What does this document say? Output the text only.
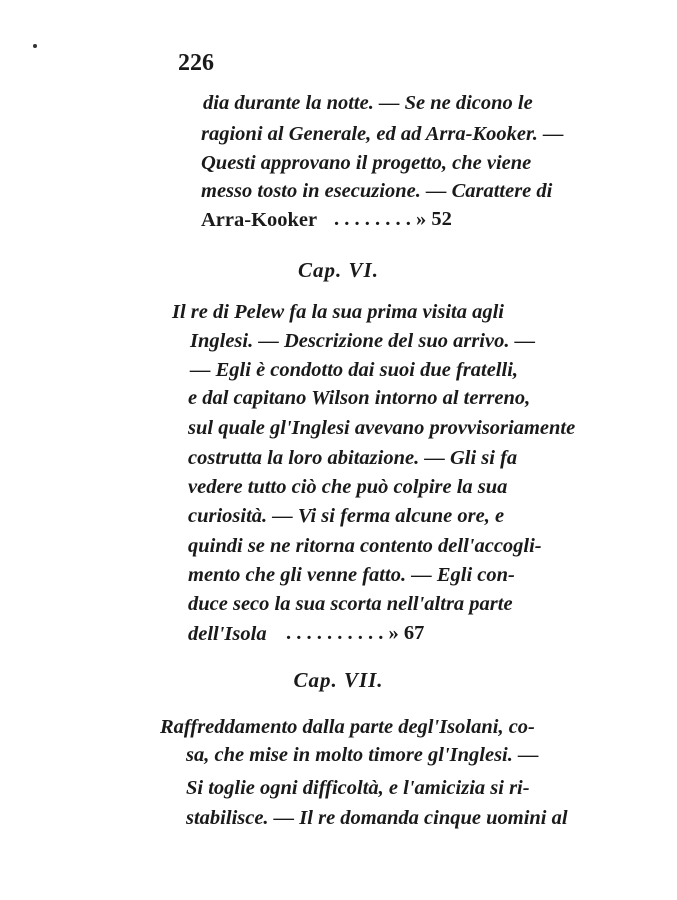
226
dia durante la notte. — Se ne dicono le
ragioni al Generale, ed ad Arra-Kooker. —
Questi approvano il progetto, che viene
messo tosto in esecuzione. — Carattere di
Arra-Kooker . . . . . . . . » 52
Cap. VI.
Il re di Pelew fa la sua prima visita agli
Inglesi. — Descrizione del suo arrivo. —
— Egli è condotto dai suoi due fratelli,
e dal capitano Wilson intorno al terreno,
sul quale gl'Inglesi avevano provvisoriamente
costrutta la loro abitazione. — Gli si fa
vedere tutto ciò che può colpire la sua
curiosità. — Vi si ferma alcune ore, e
quindi se ne ritorna contento dell'accogli-
mento che gli venne fatto. — Egli con-
duce seco la sua scorta nell'altra parte
dell'Isola . . . . . . . . . . » 67
Cap. VII.
Raffreddamento dalla parte degl'Isolani, co-
sa, che mise in molto timore gl'Inglesi. —
Si toglie ogni difficoltà, e l'amicizia si ri-
stabilisce. — Il re domanda cinque uomini al
